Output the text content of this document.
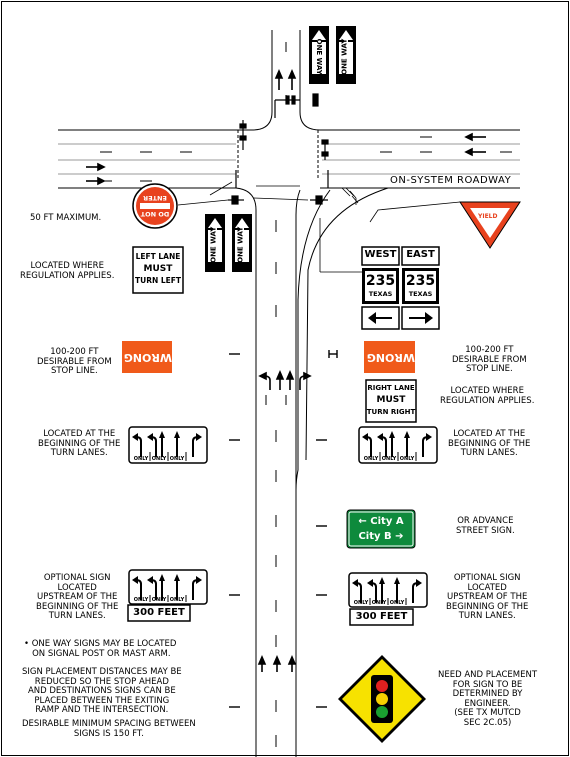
ONLY ONLY ONLY	ONLY ONLY ONLY
ONLY ONLY ONLY	ONLY ONLY ONLY
ON-SYSTEM ROADWAY
ONE WAY	ONE WAY
ONE WAY	ONE WAY
DO NOT
ENTER
YIELD
LEFT LANE
MUST
TURN LEFT
RIGHT LANE
MUST
TURN RIGHT
WEST EAST
235 235
TEXAS	TEXAS
WRONG WAY	WRONG WAY
← City A
City B ➔
300 FEET	300 FEET
50 FT MAXIMUM.
LOCATED WHERE
REGULATION APPLIES.
100-200 FT
DESIRABLE FROM
STOP LINE.
100-200 FT
DESIRABLE FROM
STOP LINE.
LOCATED WHERE
REGULATION APPLIES.
LOCATED AT THE
BEGINNING OF THE
TURN LANES.
LOCATED AT THE
BEGINNING OF THE
TURN LANES.
OR ADVANCE
STREET SIGN.
OPTIONAL SIGN
LOCATED
UPSTREAM OF THE
BEGINNING OF THE
TURN LANES.
OPTIONAL SIGN
LOCATED
UPSTREAM OF THE
BEGINNING OF THE
TURN LANES.
• ONE WAY SIGNS MAY BE LOCATED
ON SIGNAL POST OR MAST ARM.
SIGN PLACEMENT DISTANCES MAY BE
REDUCED SO THE STOP AHEAD
AND DESTINATIONS SIGNS CAN BE
PLACED BETWEEN THE EXITING
RAMP AND THE INTERSECTION.
DESIRABLE MINIMUM SPACING BETWEEN
SIGNS IS 150 FT.
NEED AND PLACEMENT
FOR SIGN TO BE
DETERMINED BY
ENGINEER.
(SEE TX MUTCD
SEC 2C.05)
